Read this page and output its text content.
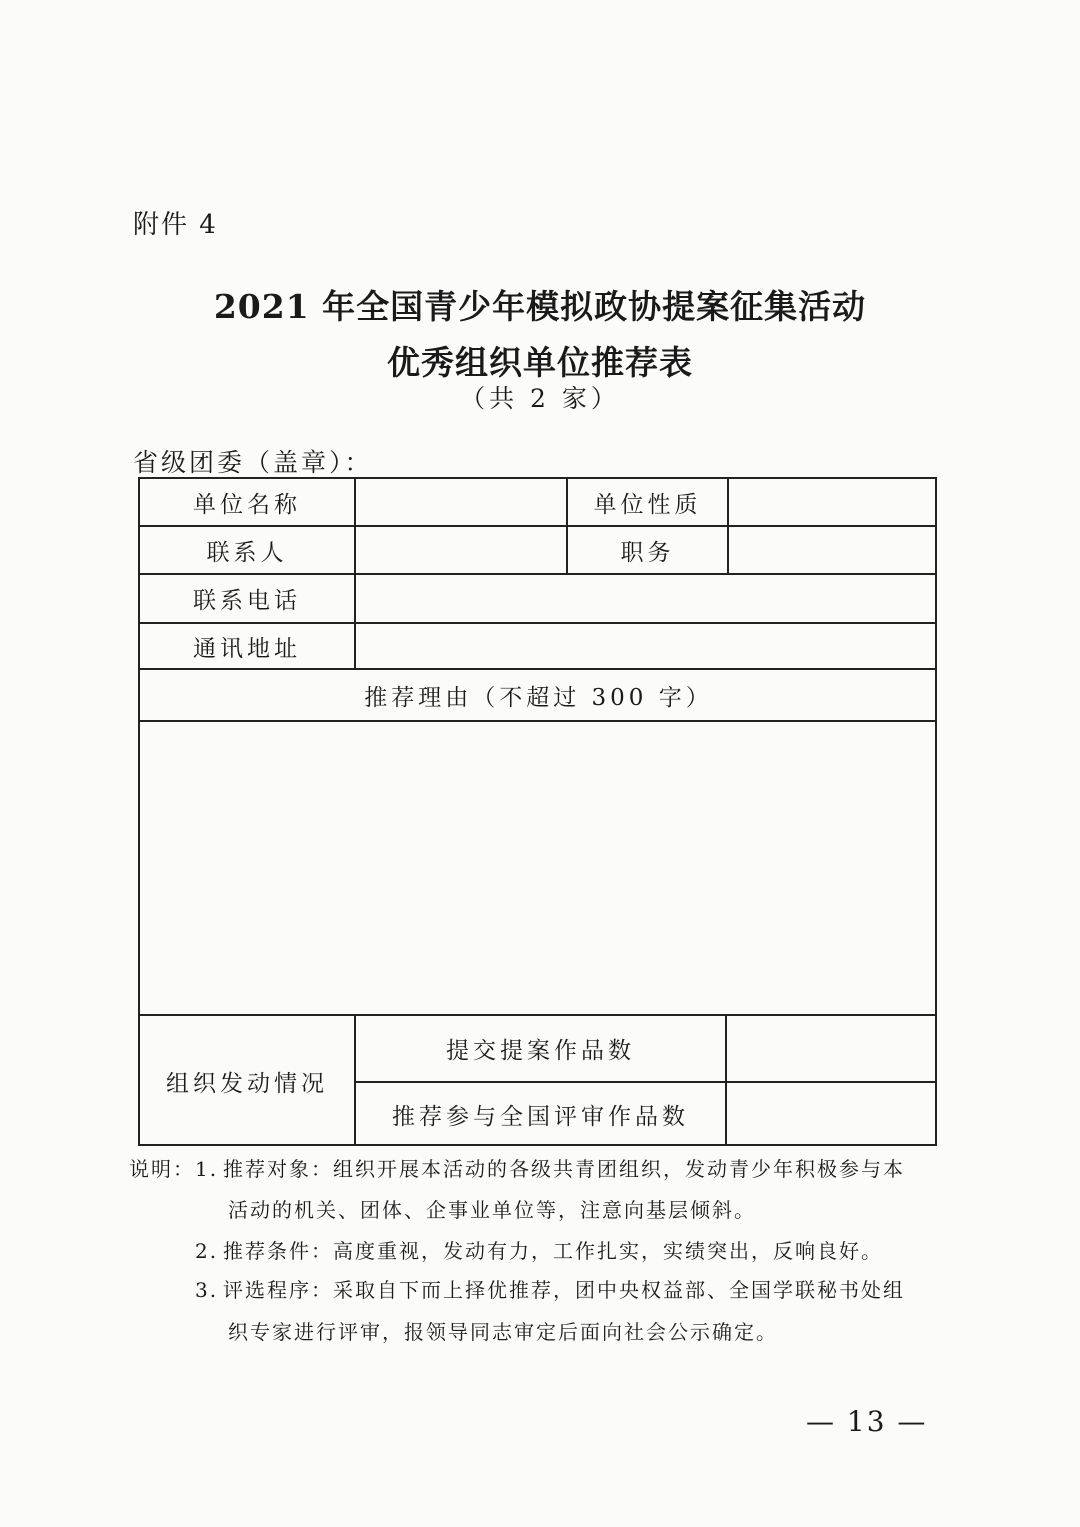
附件 4
2021 年全国青少年模拟政协提案征集活动
优秀组织单位推荐表
（共 2 家）
省级团委（盖章）：
单位名称	单位性质
联系人	职务
联系电话
通讯地址
推荐理由（不超过 300 字）
组织发动情况
提交提案作品数
推荐参与全国评审作品数
说明： 1. 推荐对象：组织开展本活动的各级共青团组织，发动青少年积极参与本
活动的机关、团体、企事业单位等，注意向基层倾斜。
2. 推荐条件：高度重视，发动有力，工作扎实，实绩突出，反响良好。
3. 评选程序：采取自下而上择优推荐，团中央权益部、全国学联秘书处组
织专家进行评审，报领导同志审定后面向社会公示确定。
— 13 —
